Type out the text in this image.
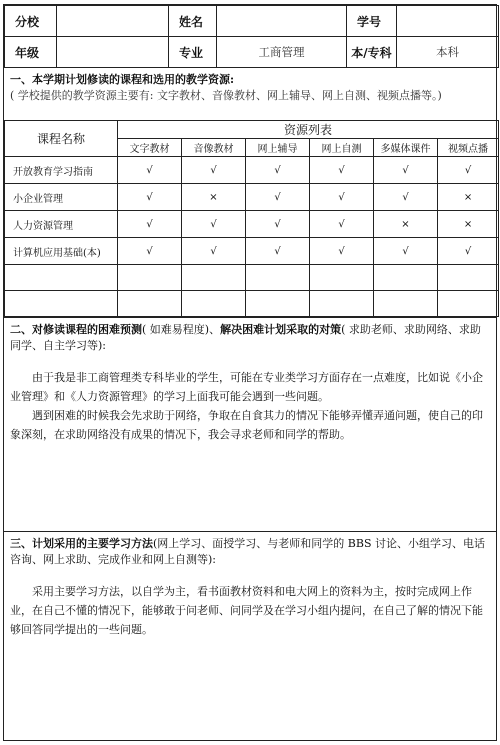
分校		姓名		学号	
年级		专业	工商管理	本/专科	本科
一、本学期计划修读的课程和选用的教学资源:
( 学校提供的教学资源主要有: 文字教材、音像教材、网上辅导、网上自测、视频点播等。)
课程名称	资源列表					
	文字教材	音像教材	网上辅导	网上自测	多媒体课件	视频点播
开放教育学习指南	√	√	√	√	√	√
小企业管理	√	×	√	√	√	×
人力资源管理	√	√	√	√	×	×
计算机应用基础(本)	√	√	√	√	√	√

二、对修读课程的困难预测( 如难易程度)、解决困难计划采取的对策( 求助老师、求助网络、求助同学、自主学习等):

由于我是非工商管理类专科毕业的学生，可能在专业类学习方面存在一点难度，比如说《小企业管理》和《人力资源管理》的学习上面我可能会遇到一些问题。

遇到困难的时候我会先求助于网络，争取在自食其力的情况下能够弄懂弄通问题，使自己的印象深刻，在求助网络没有成果的情况下，我会寻求老师和同学的帮助。

三、计划采用的主要学习方法(网上学习、面授学习、与老师和同学的 BBS 讨论、小组学习、电话咨询、网上求助、完成作业和网上自测等):

采用主要学习方法，以自学为主，看书面教材资料和电大网上的资料为主，按时完成网上作业，在自己不懂的情况下，能够敢于问老师、问同学及在学习小组内提问，在自己了解的情况下能够回答同学提出的一些问题。
